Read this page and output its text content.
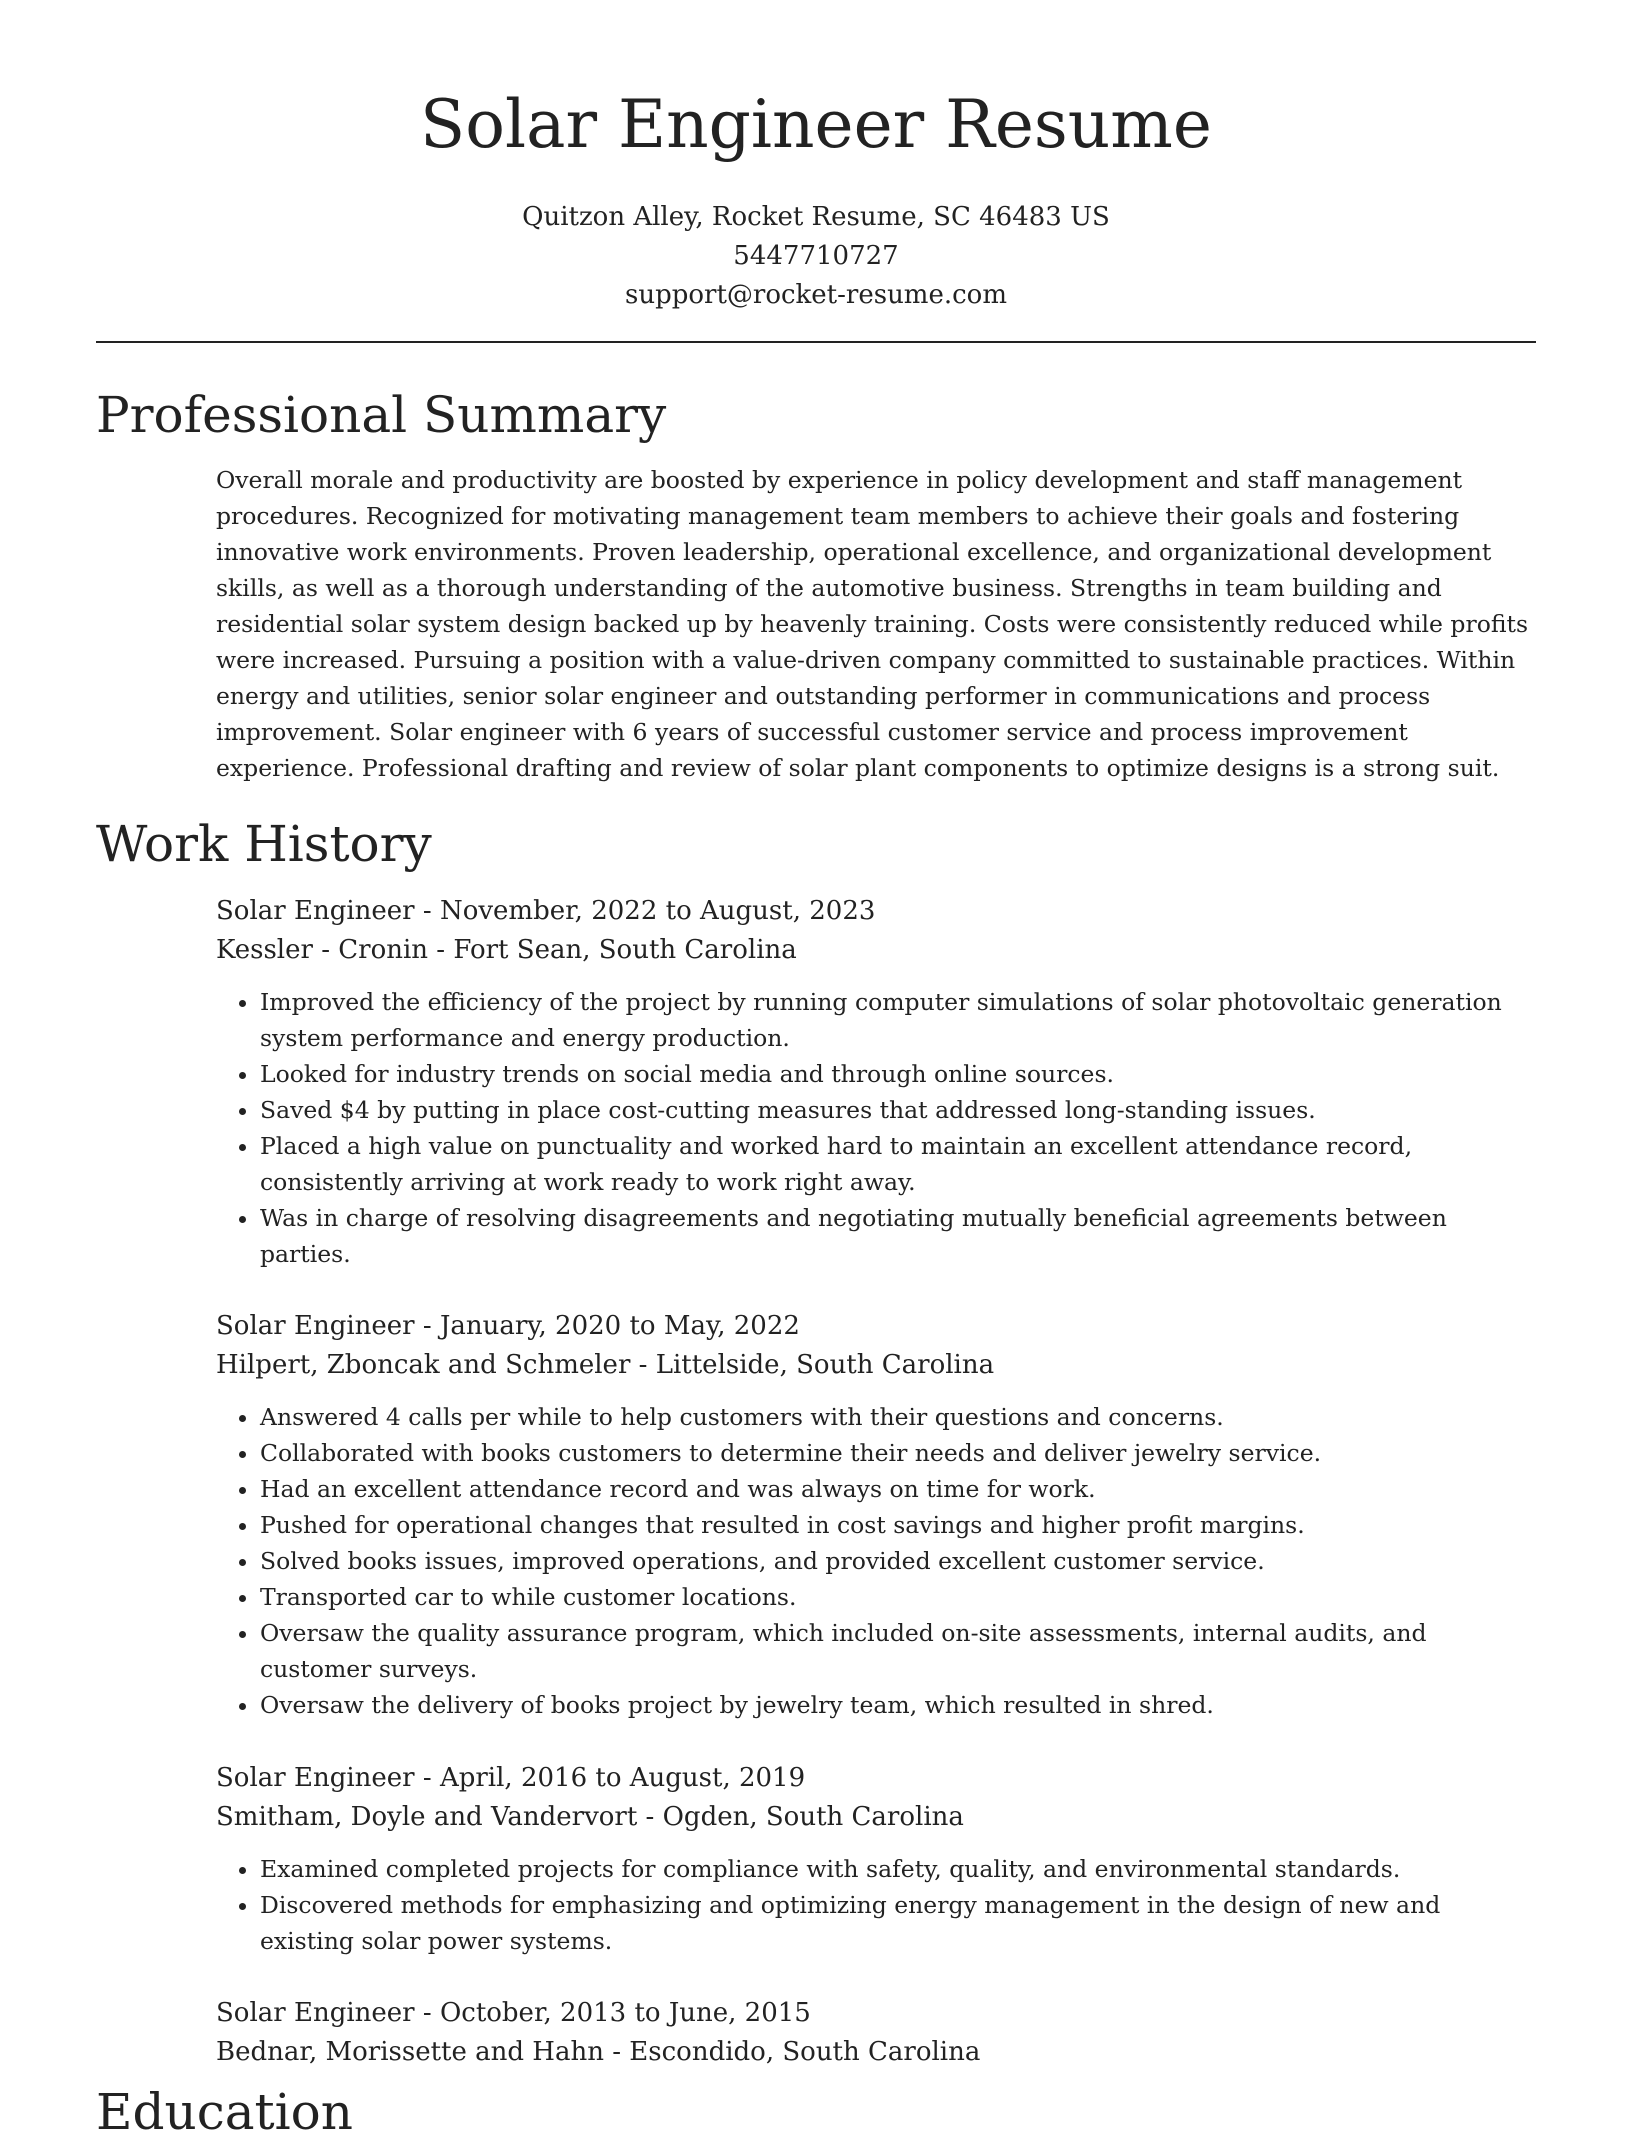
Solar Engineer Resume

Quitzon Alley, Rocket Resume, SC 46483 US

5447710727

support@rocket-resume.com

Professional Summary

Overall morale and productivity are boosted by experience in policy development and staff management procedures. Recognized for motivating management team members to achieve their goals and fostering innovative work environments. Proven leadership, operational excellence, and organizational development skills, as well as a thorough understanding of the automotive business. Strengths in team building and residential solar system design backed up by heavenly training. Costs were consistently reduced while profits were increased. Pursuing a position with a value-driven company committed to sustainable practices. Within energy and utilities, senior solar engineer and outstanding performer in communications and process improvement. Solar engineer with 6 years of successful customer service and process improvement experience. Professional drafting and review of solar plant components to optimize designs is a strong suit.

Work History

Solar Engineer - November, 2022 to August, 2023

Kessler - Cronin - Fort Sean, South Carolina

• Improved the efficiency of the project by running computer simulations of solar photovoltaic generation system performance and energy production.
• Looked for industry trends on social media and through online sources.
• Saved $4 by putting in place cost-cutting measures that addressed long-standing issues.
• Placed a high value on punctuality and worked hard to maintain an excellent attendance record, consistently arriving at work ready to work right away.
• Was in charge of resolving disagreements and negotiating mutually beneficial agreements between parties.

Solar Engineer - January, 2020 to May, 2022

Hilpert, Zboncak and Schmeler - Littelside, South Carolina

• Answered 4 calls per while to help customers with their questions and concerns.
• Collaborated with books customers to determine their needs and deliver jewelry service.
• Had an excellent attendance record and was always on time for work.
• Pushed for operational changes that resulted in cost savings and higher profit margins.
• Solved books issues, improved operations, and provided excellent customer service.
• Transported car to while customer locations.
• Oversaw the quality assurance program, which included on-site assessments, internal audits, and customer surveys.
• Oversaw the delivery of books project by jewelry team, which resulted in shred.

Solar Engineer - April, 2016 to August, 2019

Smitham, Doyle and Vandervort - Ogden, South Carolina

• Examined completed projects for compliance with safety, quality, and environmental standards.
• Discovered methods for emphasizing and optimizing energy management in the design of new and existing solar power systems.

Solar Engineer - October, 2013 to June, 2015

Bednar, Morissette and Hahn - Escondido, South Carolina

Education
